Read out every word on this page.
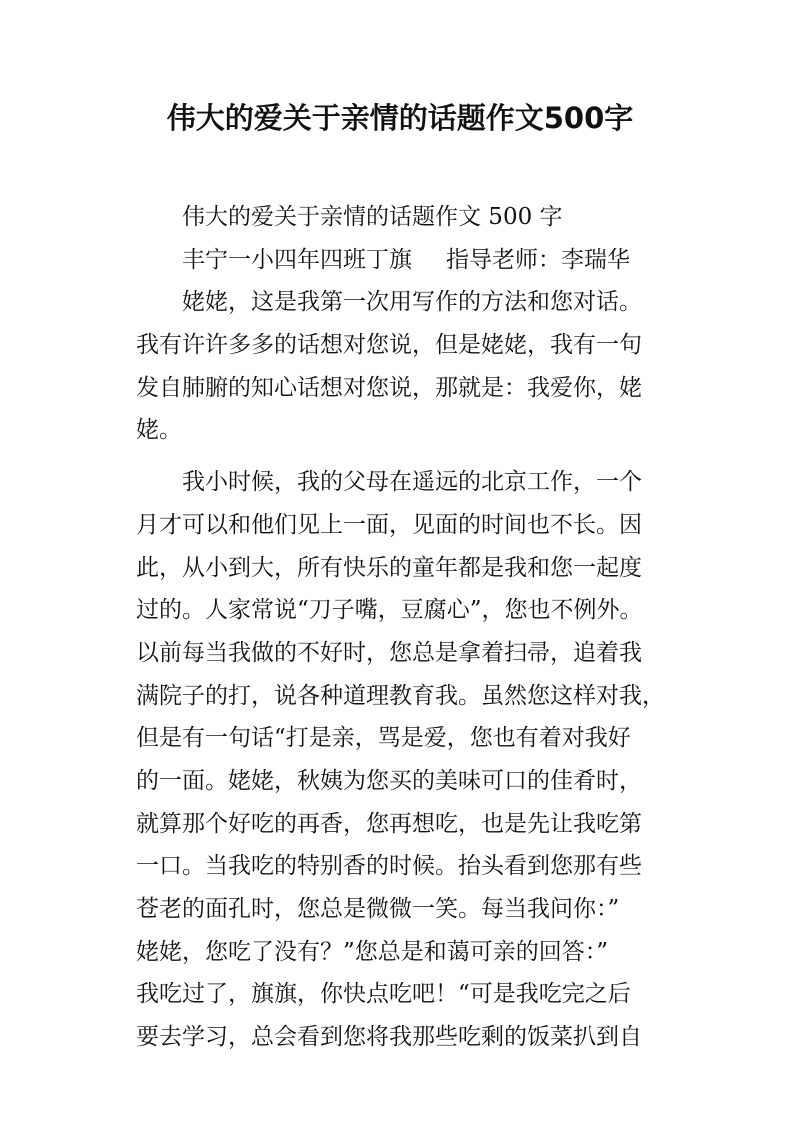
伟大的爱关于亲情的话题作文500字
伟大的爱关于亲情的话题作文 500 字
丰宁一小四年四班丁旗 指导老师：李瑞华
姥姥，这是我第一次用写作的方法和您对话。
我有许许多多的话想对您说，但是姥姥，我有一句
发自肺腑的知心话想对您说，那就是：我爱你，姥
姥。
我小时候，我的父母在遥远的北京工作，一个
月才可以和他们见上一面，见面的时间也不长。因
此，从小到大，所有快乐的童年都是我和您一起度
过的。人家常说“刀子嘴，豆腐心”，您也不例外。
以前每当我做的不好时，您总是拿着扫帚，追着我
满院子的打，说各种道理教育我。虽然您这样对我，
但是有一句话“打是亲，骂是爱，您也有着对我好
的一面。姥姥，秋姨为您买的美味可口的佳肴时，
就算那个好吃的再香，您再想吃，也是先让我吃第
一口。当我吃的特别香的时候。抬头看到您那有些
苍老的面孔时，您总是微微一笑。每当我问你：”
姥姥，您吃了没有？”您总是和蔼可亲的回答：”
我吃过了，旗旗，你快点吃吧！“可是我吃完之后
要去学习，总会看到您将我那些吃剩的饭菜扒到自
